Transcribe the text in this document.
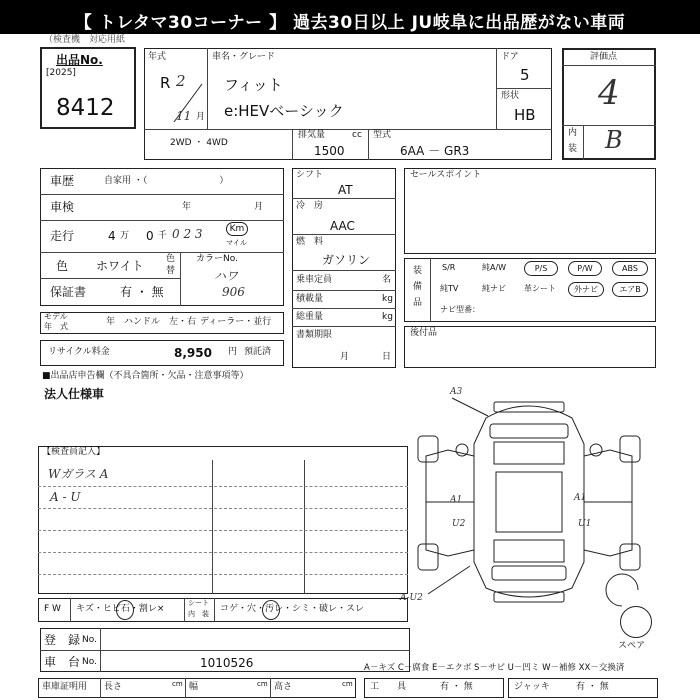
【 トレタマ30コーナー 】 過去30日以上 JU岐阜に出品歴がない車両
（検査機　対応用紙
出品No.
[2025]
8412
年式
R 2
11 月
車名・グレード
フィット
e:HEVベーシック
ドア
5
形状
HB
2WD ・ 4WD
排気量	cc
1500
型式
6AA － GR3
評価点
4
内
装 B
車歴	自家用 ・（　　　　　　　　）
車検	年	月
走行	4 万 0 千 0 2 3	Km
マイル
色 ホワイト 色
替
カラーNo.
ハワ
906
保証書	有 ・ 無
モデル
年　式	年 ハンドル　左・右 ディーラー・並行
リサイクル料金	8,950 円 預託済
シフト
AT
冷　房
AAC
燃　料
ガソリン
乗車定員	名
積載量	kg
総重量	kg
書類期限
月	日
セールスポイント
装
備
品
S/R	純A/W	P/S	P/W	ABS
純TV	純ナビ 革シート	外ナビ	エアB
ナビ型番：
後付品
■出品店申告欄（不具合箇所・欠品・注意事項等）
法人仕様車
【検査員記入】
Wガラス A
A - U
A3
A1	A1
U2	U1
A-U2
スペア
F W キズ・ヒビ石・割レ×
シート
内　装 コゲ・穴・汚レ・シミ・破レ・スレ
登　録 No.
車　台 No.	1010526	A－キズ C－腐食 E－エクボ S－サビ U－凹ミ W－補修 XX－交換済
車庫証明用 長さ	cm 幅	cm 高さ	cm 工　　具	有 ・ 無	ジャッキ	有 ・ 無
